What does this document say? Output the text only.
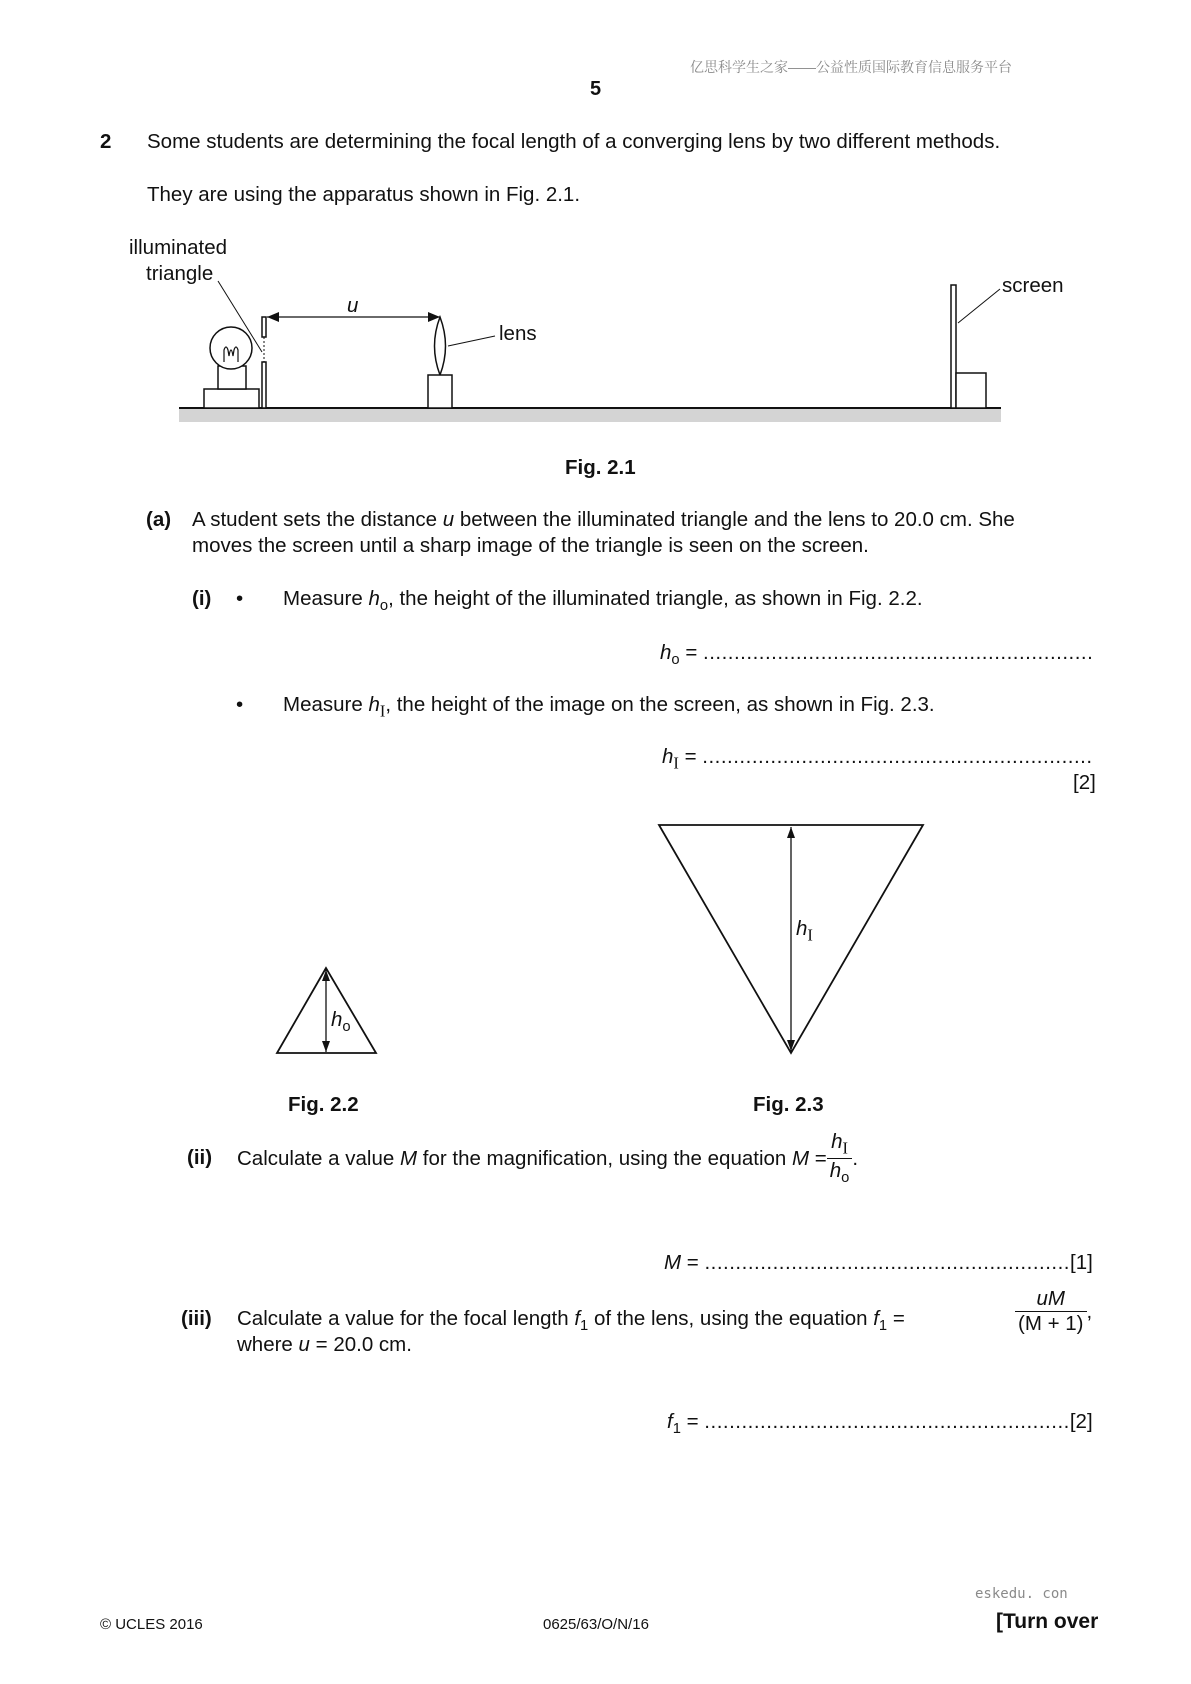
亿思科学生之家——公益性质国际教育信息服务平台
5
2 Some students are determining the focal length of a converging lens by two different methods.
They are using the apparatus shown in Fig. 2.1.
illuminated
triangle
u
lens
screen
Fig. 2.1
(a) A student sets the distance u between the illuminated triangle and the lens to 20.0 cm. She
moves the screen until a sharp image of the triangle is seen on the screen.
(i) • Measure $h_o$, the height of the illuminated triangle, as shown in Fig. 2.2.
$h_o$ = ...............................................................
• Measure $h_I$, the height of the image on the screen, as shown in Fig. 2.3.
$h_I$ = ...............................................................
[2]
$h_o$
$h_I$
Fig. 2.2	Fig. 2.3
(ii) Calculate a value M for the magnification, using the equation $M = \frac{h_I}{h_o}$ .
M = ...........................................................[1]
(iii) Calculate a value for the focal length $f_1$ of the lens, using the equation $f_1$ =	$\frac{uM}{(M + 1)}$ ,
where u = 20.0 cm.
$f_1 = ...........................................................[2]$
eskedu. con
© UCLES 2016	0625/63/O/N/16	[Turn over
